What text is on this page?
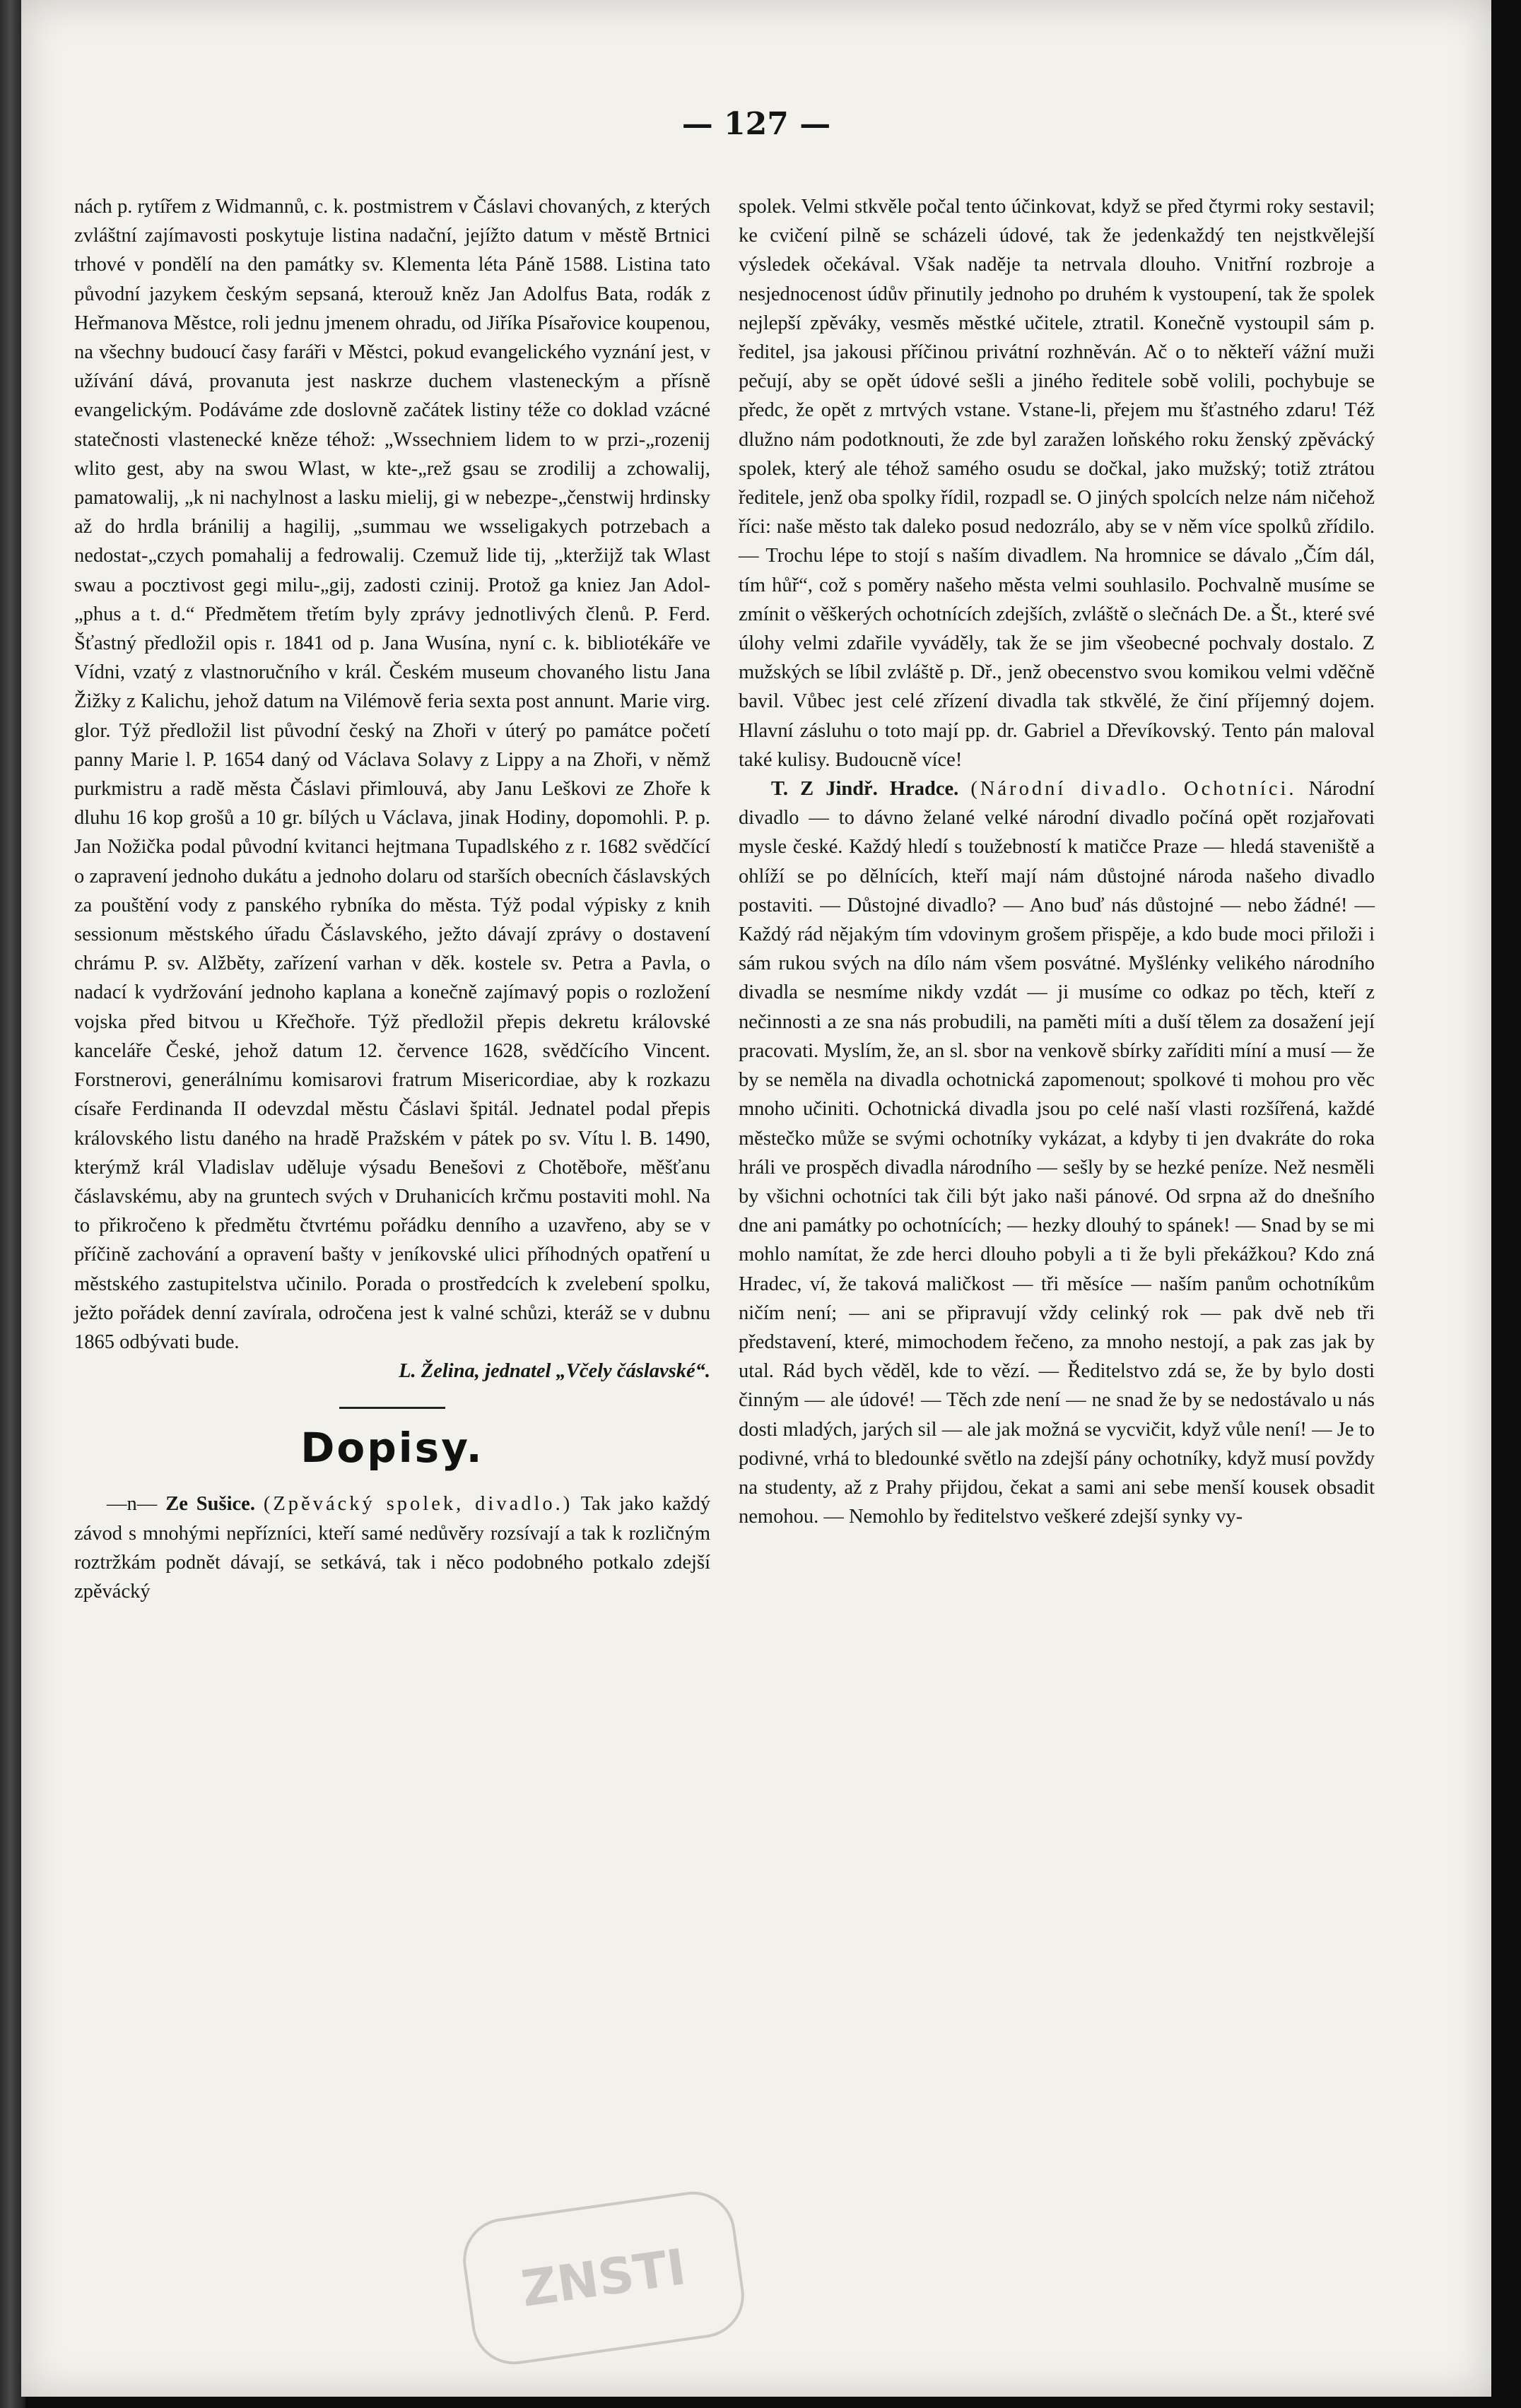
— 127 —

nách p. rytířem z Widmannů, c. k. postmistrem v Čáslavi chovaných, z kterých zvláštní zajímavosti poskytuje listina nadační, jejížto datum v městě Brtnici trhové v pondělí na den památky sv. Klementa léta Páně 1588. Listina tato původní jazykem českým sepsaná, kterouž kněz Jan Adolfus Bata, rodák z Heřmanova Městce, roli jednu jmenem ohradu, od Jiříka Písařovice koupenou, na všechny budoucí časy faráři v Městci, pokud evangelického vyznání jest, v užívání dává, provanuta jest naskrze duchem vlasteneckým a přísně evangelickým. Podáváme zde doslovně začátek listiny téže co doklad vzácné statečnosti vlastenecké kněze téhož: „Wssechniem lidem to w przi-„rozenij wlito gest, aby na swou Wlast, w kte-„rež gsau se zrodilij a zchowalij, pamatowalij, „k ni nachylnost a lasku mielij, gi w nebezpe-„čenstwij hrdinsky až do hrdla bránilij a hagilij, „summau we wsseligakych potrzebach a nedostat-„czych pomahalij a fedrowalij. Czemuž lide tij, „kterž​ijž tak Wlast swau a pocztivost gegi milu-„gij, zadosti czinij. Protož ga kniez Jan Adol-„phus a t. d.“ Předmětem třetím byly zprávy jednotlivých členů. P. Ferd. Šťastný předložil opis r. 1841 od p. Jana Wusína, nyní c. k. bibliotékáře ve Vídni, vzatý z vlastnoručního v král. Českém museum chovaného listu Jana Žižky z Kalichu, jehož datum na Vilémově feria sexta post annunt. Marie virg. glor. Týž předložil list původní český na Zhoři v úterý po památce početí panny Marie l. P. 1654 daný od Václava Solavy z Lippy a na Zhoři, v němž purkmistru a radě města Čáslavi přimlouvá, aby Janu Leškovi ze Zhoře k dluhu 16 kop grošů a 10 gr. bílých u Václava, jinak Hodiny, dopomohli. P. p. Jan Nožička podal původní kvitanci hejtmana Tupadlského z r. 1682 svědčící o zapravení jednoho dukátu a jednoho dolaru od starších obecních čáslavských za pouštění vody z panského rybníka do města. Týž podal výpisky z knih sessionum městského úřadu Čáslavského, ježto dávají zprávy o dostavení chrámu P. sv. Alžběty, zařízení varhan v děk. kostele sv. Petra a Pavla, o nadací k vydržování jednoho kaplana a konečně zajímavý popis o rozložení vojska před bitvou u Křečhoře. Týž předložil přepis dekretu královské kanceláře České, jehož datum 12. července 1628, svědčícího Vincent. Forstnerovi, generálnímu komisarovi fratrum Misericordiae, aby k rozkazu císaře Ferdinanda II odevzdal městu Čáslavi špitál. Jednatel podal přepis královského listu daného na hradě Pražském v pátek po sv. Vítu l. B. 1490, kterýmž král Vladislav uděluje výsadu Benešovi z Chotěboře, měšťanu čáslavskému, aby na gruntech svých v Druhanicích krčmu postaviti mohl. Na to přikročeno k předmětu čtvrtému pořádku denního a uzavřeno, aby se v příčině zachování a opravení bašty v jeníkovské ulici příhodných opatření u městského zastupitelstva učinilo. Porada o prostředcích k zvelebení spolku, ježto pořádek denní zavírala, odročena jest k valné schůzi, kteráž se v dubnu 1865 odbývati bude.

L. Želina, jednatel „Včely čáslavské“.

Dopisy.

—n— Ze Sušice. (Zpěvácký spolek, divadlo.) Tak jako každý závod s mnohými nepřízníci, kteří samé nedůvěry rozsívají a tak k rozličným roztržkám podnět dávají, se setkává, tak i něco podobného potkalo zdejší zpěvácký

spolek. Velmi stkvěle počal tento účinkovat, když se před čtyrmi roky sestavil; ke cvičení pilně se scházeli údové, tak že jedenkaždý ten nejstkvělejší výsledek očekával. Však naděje ta netrvala dlouho. Vnitřní rozbroje a nesjednocenost údův přinutily jednoho po druhém k vystoupení, tak že spolek nejlepší zpěváky, vesměs městké učitele, ztratil. Konečně vystoupil sám p. ředitel, jsa jakousi příčinou privátní rozhněván. Ač o to někteří vážní muži pečují, aby se opět údové sešli a jiného ředitele sobě volili, pochybuje se předc, že opět z mrtvých vstane. Vstane-li, přejem mu šťastného zdaru! Též dlužno nám podotknouti, že zde byl zaražen loňského roku ženský zpěvácký spolek, který ale téhož samého osudu se dočkal, jako mužský; totiž ztrátou ředitele, jenž oba spolky řídil, rozpadl se. O jiných spolcích nelze nám ničehož říci: naše město tak daleko posud nedozrálo, aby se v něm více spolků zřídilo. — Trochu lépe to stojí s naším divadlem. Na hromnice se dávalo „Čím dál, tím hůř“, což s poměry našeho města velmi souhlasilo. Pochvalně musíme se zmínit o věškerých ochotnících zdejších, zvláště o slečnách De. a Št., které své úlohy velmi zdařile vyváděly, tak že se jim všeobecné pochvaly dostalo. Z mužských se líbil zvláště p. Dř., jenž obecenstvo svou komikou velmi vděčně bavil. Vůbec jest celé zřízení divadla tak stkvělé, že činí příjemný dojem. Hlavní zásluhu o toto mají pp. dr. Gabriel a Dřevíkovský. Tento pán maloval také kulisy. Budoucně více!

T. Z Jindř. Hradce. (Národní divadlo. Ochotníci. Národní divadlo — to dávno želané velké národní divadlo počíná opět rozjařovati mysle české. Každý hledí s toužebností k matičce Praze — hledá staveniště a ohlíží se po dělnících, kteří mají nám důstojné národa našeho divadlo postaviti. — Důstojné divadlo? — Ano buď nás důstojné — nebo žádné! — Každý rád nějakým tím vdovinym grošem přispěje, a kdo bude moci přiloži i sám rukou svých na dílo nám všem posvátné. Myšlénky velikého národního divadla se nesmíme nikdy vzdát — ji musíme co odkaz po těch, kteří z nečinnosti a ze sna nás probudili, na paměti míti a duší tělem za dosažení její pracovati. Myslím, že, an sl. sbor na venkově sbírky zaříditi míní a musí — že by se neměla na divadla ochotnická zapomenout; spolkové ti mohou pro věc mnoho učiniti. Ochotnická divadla jsou po celé naší vlasti rozšířená, každé městečko může se svými ochotníky vykázat, a kdyby ti jen dvakráte do roka hráli ve prospěch divadla národního — sešly by se hezké peníze. Než nesměli by všichni ochotníci tak čili být jako naši pánové. Od srpna až do dnešního dne ani památky po ochotnících; — hezky dlouhý to spánek! — Snad by se mi mohlo namítat, že zde herci dlouho pobyli a ti že byli překážkou? Kdo zná Hradec, ví, že taková maličkost — tři měsíce — naším panům ochotníkům ničím není; — ani se připravují vždy celinký rok — pak dvě neb tři představení, které, mimochodem řečeno, za mnoho nestojí, a pak zas jak by utal. Rád bych věděl, kde to vězí. — Ředitelstvo zdá se, že by bylo dosti činným — ale údové! — Těch zde není — ne snad že by se nedostávalo u nás dosti mladých, jarých sil — ale jak možná se vycvičit, když vůle není! — Je to podivné, vrhá to bledounké světlo na zdejší pány ochotníky, když musí povždy na studenty, až z Prahy přijdou, čekat a sami ani sebe menší kousek obsadit nemohou. — Nemohlo by ředitelstvo veškeré zdejší synky vy-

ZNSTI
